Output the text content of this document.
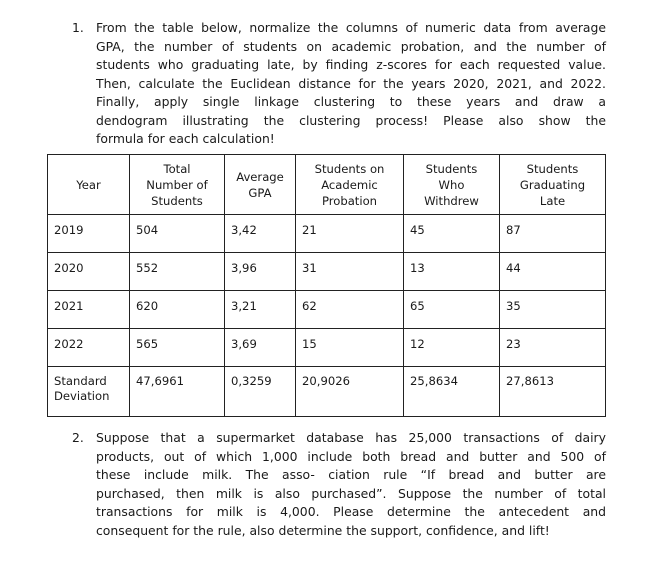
1. From the table below, normalize the columns of numeric data from average
GPA, the number of students on academic probation, and the number of
students who graduating late, by finding z-scores for each requested value.
Then, calculate the Euclidean distance for the years 2020, 2021, and 2022.
Finally, apply single linkage clustering to these years and draw a
dendogram illustrating the clustering process! Please also show the
formula for each calculation!
Year	Total
Number of
Students	Average
GPA	Students on
Academic
Probation	Students
Who
Withdrew	Students
Graduating
Late
2019	504	3,42	21	45	87
2020	552	3,96	31	13	44
2021	620	3,21	62	65	35
2022	565	3,69	15	12	23
Standard
Deviation	47,6961	0,3259	20,9026	25,8634	27,8613
2. Suppose that a supermarket database has 25,000 transactions of dairy
products, out of which 1,000 include both bread and butter and 500 of
these include milk. The asso- ciation rule “If bread and butter are
purchased, then milk is also purchased”. Suppose the number of total
transactions for milk is 4,000. Please determine the antecedent and
consequent for the rule, also determine the support, confidence, and lift!
